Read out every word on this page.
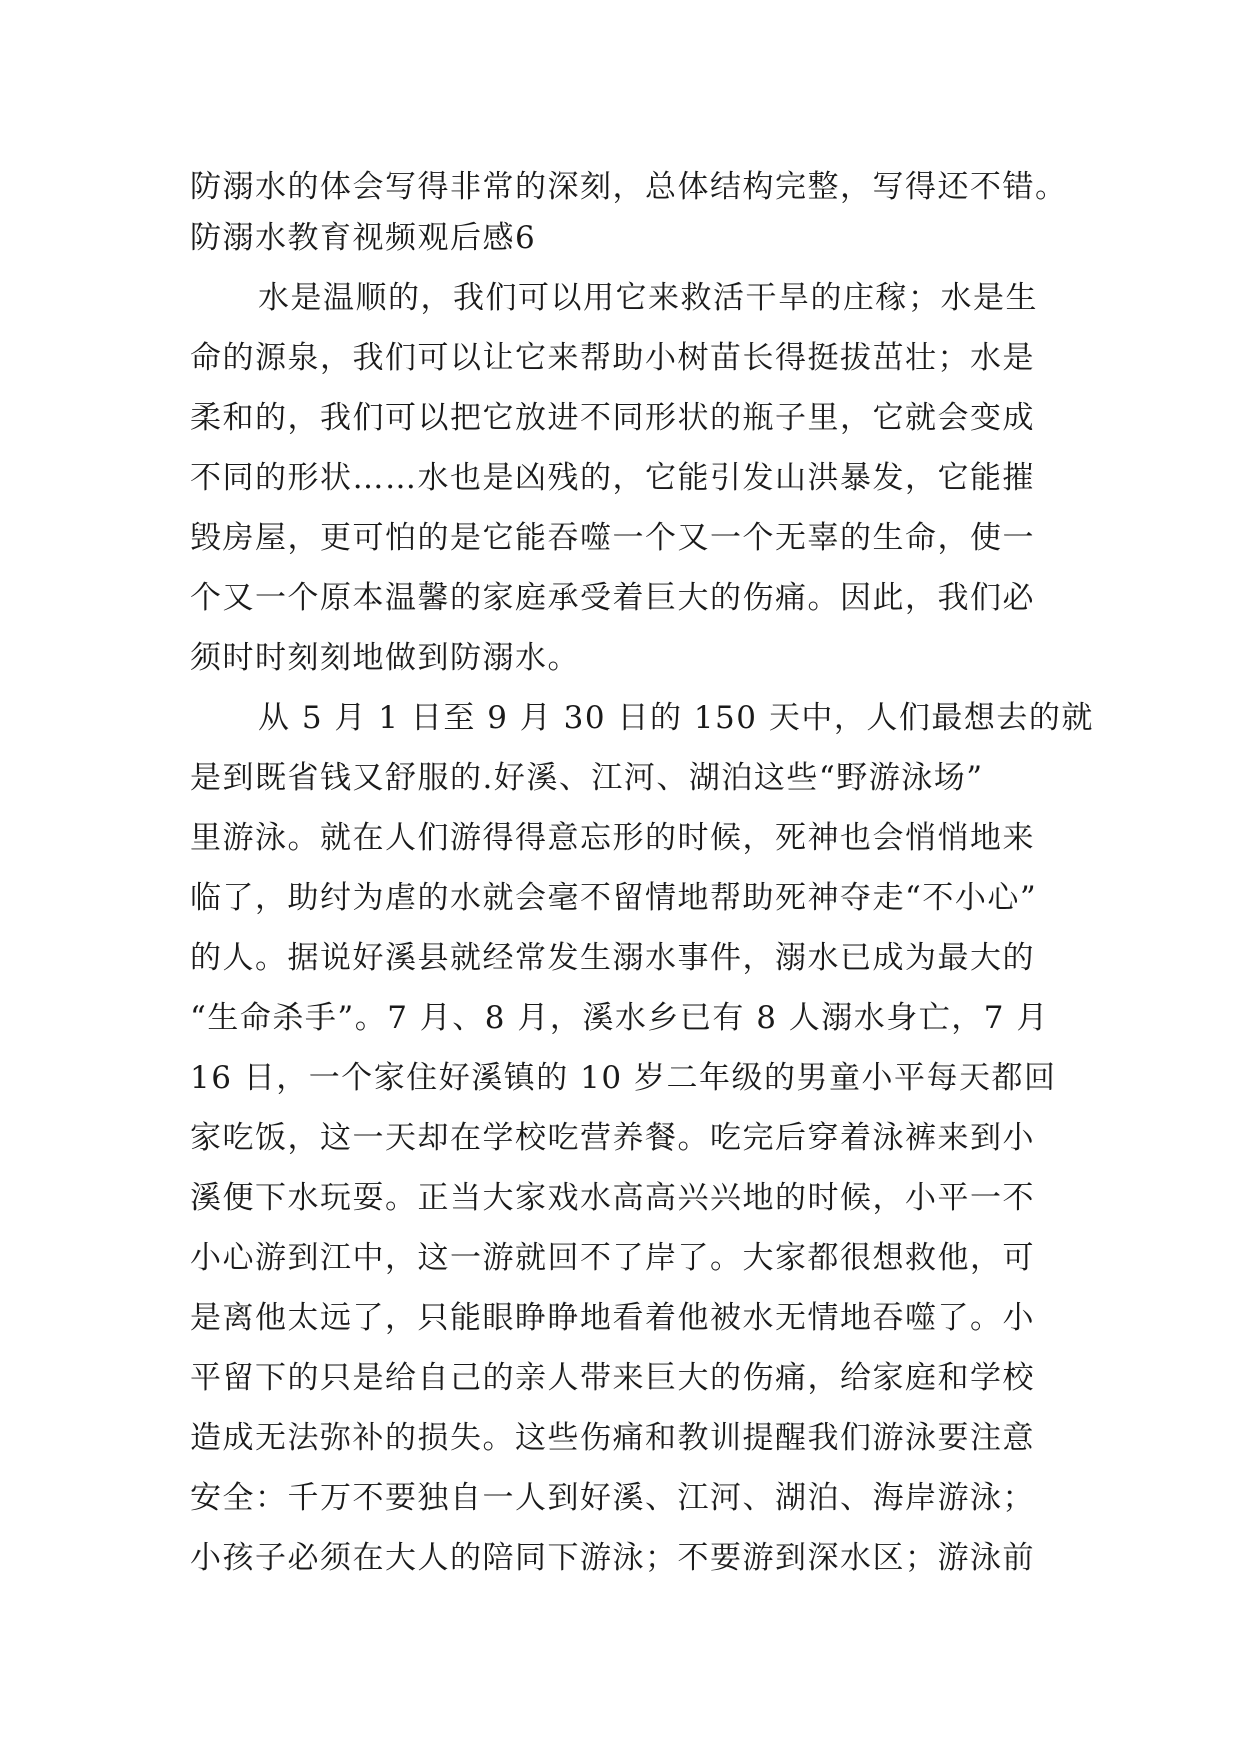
防溺水的体会写得非常的深刻，总体结构完整，写得还不错。
防溺水教育视频观后感6
水是温顺的，我们可以用它来救活干旱的庄稼；水是生
命的源泉，我们可以让它来帮助小树苗长得挺拔茁壮；水是
柔和的，我们可以把它放进不同形状的瓶子里，它就会变成
不同的形状……水也是凶残的，它能引发山洪暴发，它能摧
毁房屋，更可怕的是它能吞噬一个又一个无辜的生命，使一
个又一个原本温馨的家庭承受着巨大的伤痛。因此，我们必
须时时刻刻地做到防溺水。
从 5 月 1 日至 9 月 30 日的 150 天中，人们最想去的就
是到既省钱又舒服的.好溪、江河、湖泊这些“野游泳场”
里游泳。就在人们游得得意忘形的时候，死神也会悄悄地来
临了，助纣为虐的水就会毫不留情地帮助死神夺走“不小心”
的人。据说好溪县就经常发生溺水事件，溺水已成为最大的
“生命杀手”。7 月、8 月，溪水乡已有 8 人溺水身亡，7 月
16 日，一个家住好溪镇的 10 岁二年级的男童小平每天都回
家吃饭，这一天却在学校吃营养餐。吃完后穿着泳裤来到小
溪便下水玩耍。正当大家戏水高高兴兴地的时候，小平一不
小心游到江中，这一游就回不了岸了。大家都很想救他，可
是离他太远了，只能眼睁睁地看着他被水无情地吞噬了。小
平留下的只是给自己的亲人带来巨大的伤痛，给家庭和学校
造成无法弥补的损失。这些伤痛和教训提醒我们游泳要注意
安全：千万不要独自一人到好溪、江河、湖泊、海岸游泳；
小孩子必须在大人的陪同下游泳；不要游到深水区；游泳前
